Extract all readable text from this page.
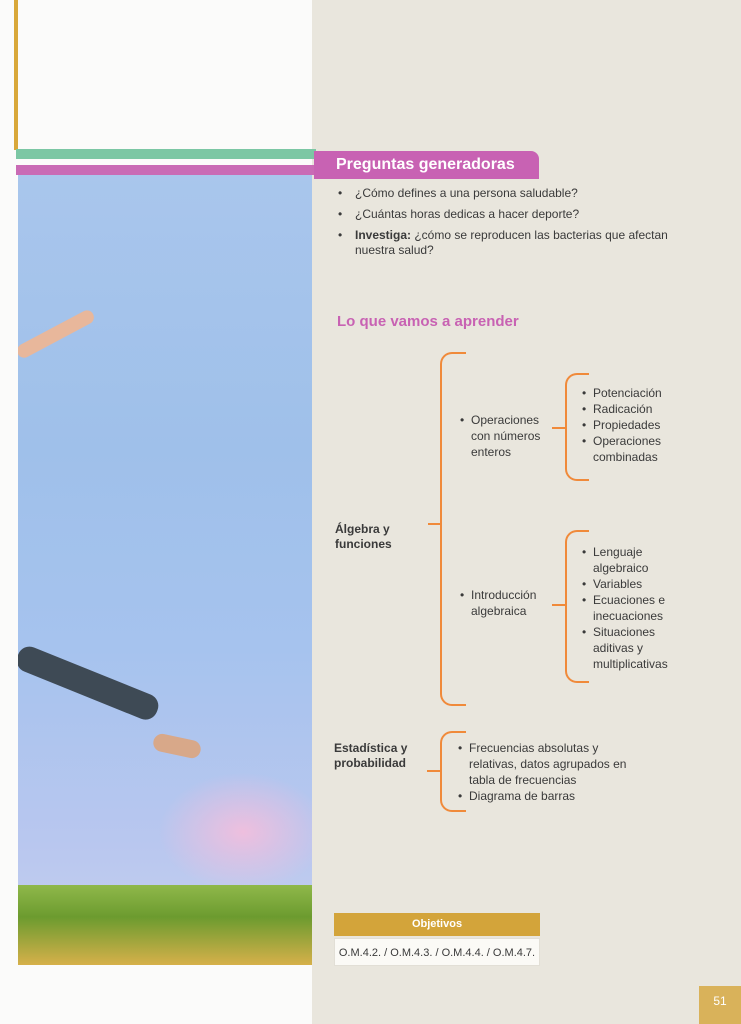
Preguntas generadoras
• ¿Cómo defines a una persona saludable?
• ¿Cuántas horas dedicas a hacer deporte?
• Investiga: ¿cómo se reproducen las bacterias que afectan nuestra salud?
Lo que vamos a aprender
Álgebra y funciones
• Operaciones con números enteros
• Potenciación
• Radicación
• Propiedades
• Operaciones combinadas
• Introducción algebraica
• Lenguaje algebraico
• Variables
• Ecuaciones e inecuaciones
• Situaciones aditivas y multiplicativas
Estadística y probabilidad
• Frecuencias absolutas y relativas, datos agrupados en tabla de frecuencias
• Diagrama de barras
Objetivos
O.M.4.2. / O.M.4.3. / O.M.4.4. / O.M.4.7.
51
